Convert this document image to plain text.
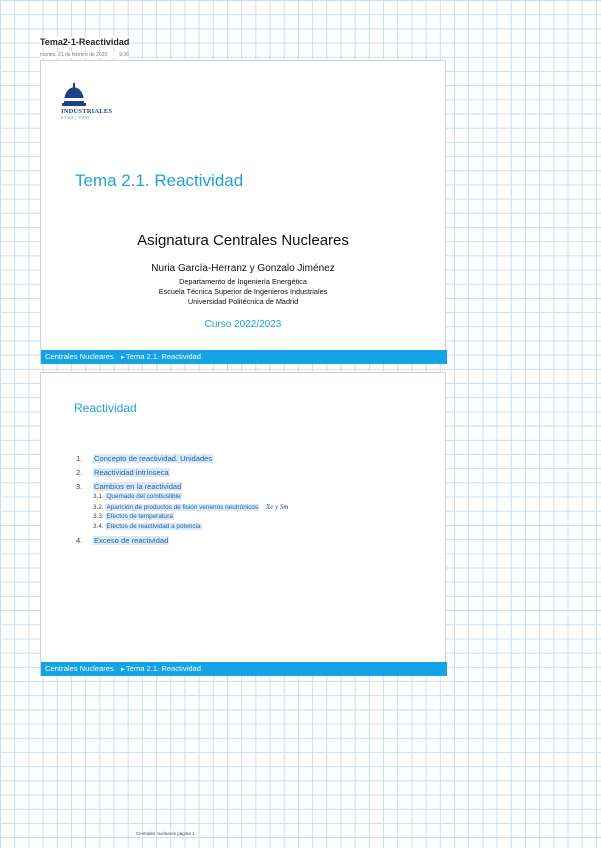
Tema2-1-Reactividad
martes, 21 de febrero de 2023 9:36
INDUSTRIALES
ETSII | UPM
Tema 2.1. Reactividad
Asignatura Centrales Nucleares
Nuria García-Herranz y Gonzalo Jiménez
Departamento de Ingeniería Energética
Escuela Técnica Superior de Ingenieros Industriales
Universidad Politécnica de Madrid
Curso 2022/2023
Centrales Nucleares ►Tema 2.1. Reactividad
Reactividad
1. Concepto de reactividad. Unidades
2. Reactividad intrínseca
3. Cambios en la reactividad
3.1. Quemado del combustible
3.2. Aparición de productos de fisión venenos neutrónicos Xe y Sm
3.3. Efectos de temperatura
3.4. Efectos de reactividad a potencia
4. Exceso de reactividad
Centrales Nucleares ►Tema 2.1. Reactividad
Centrales nucleares página 1
